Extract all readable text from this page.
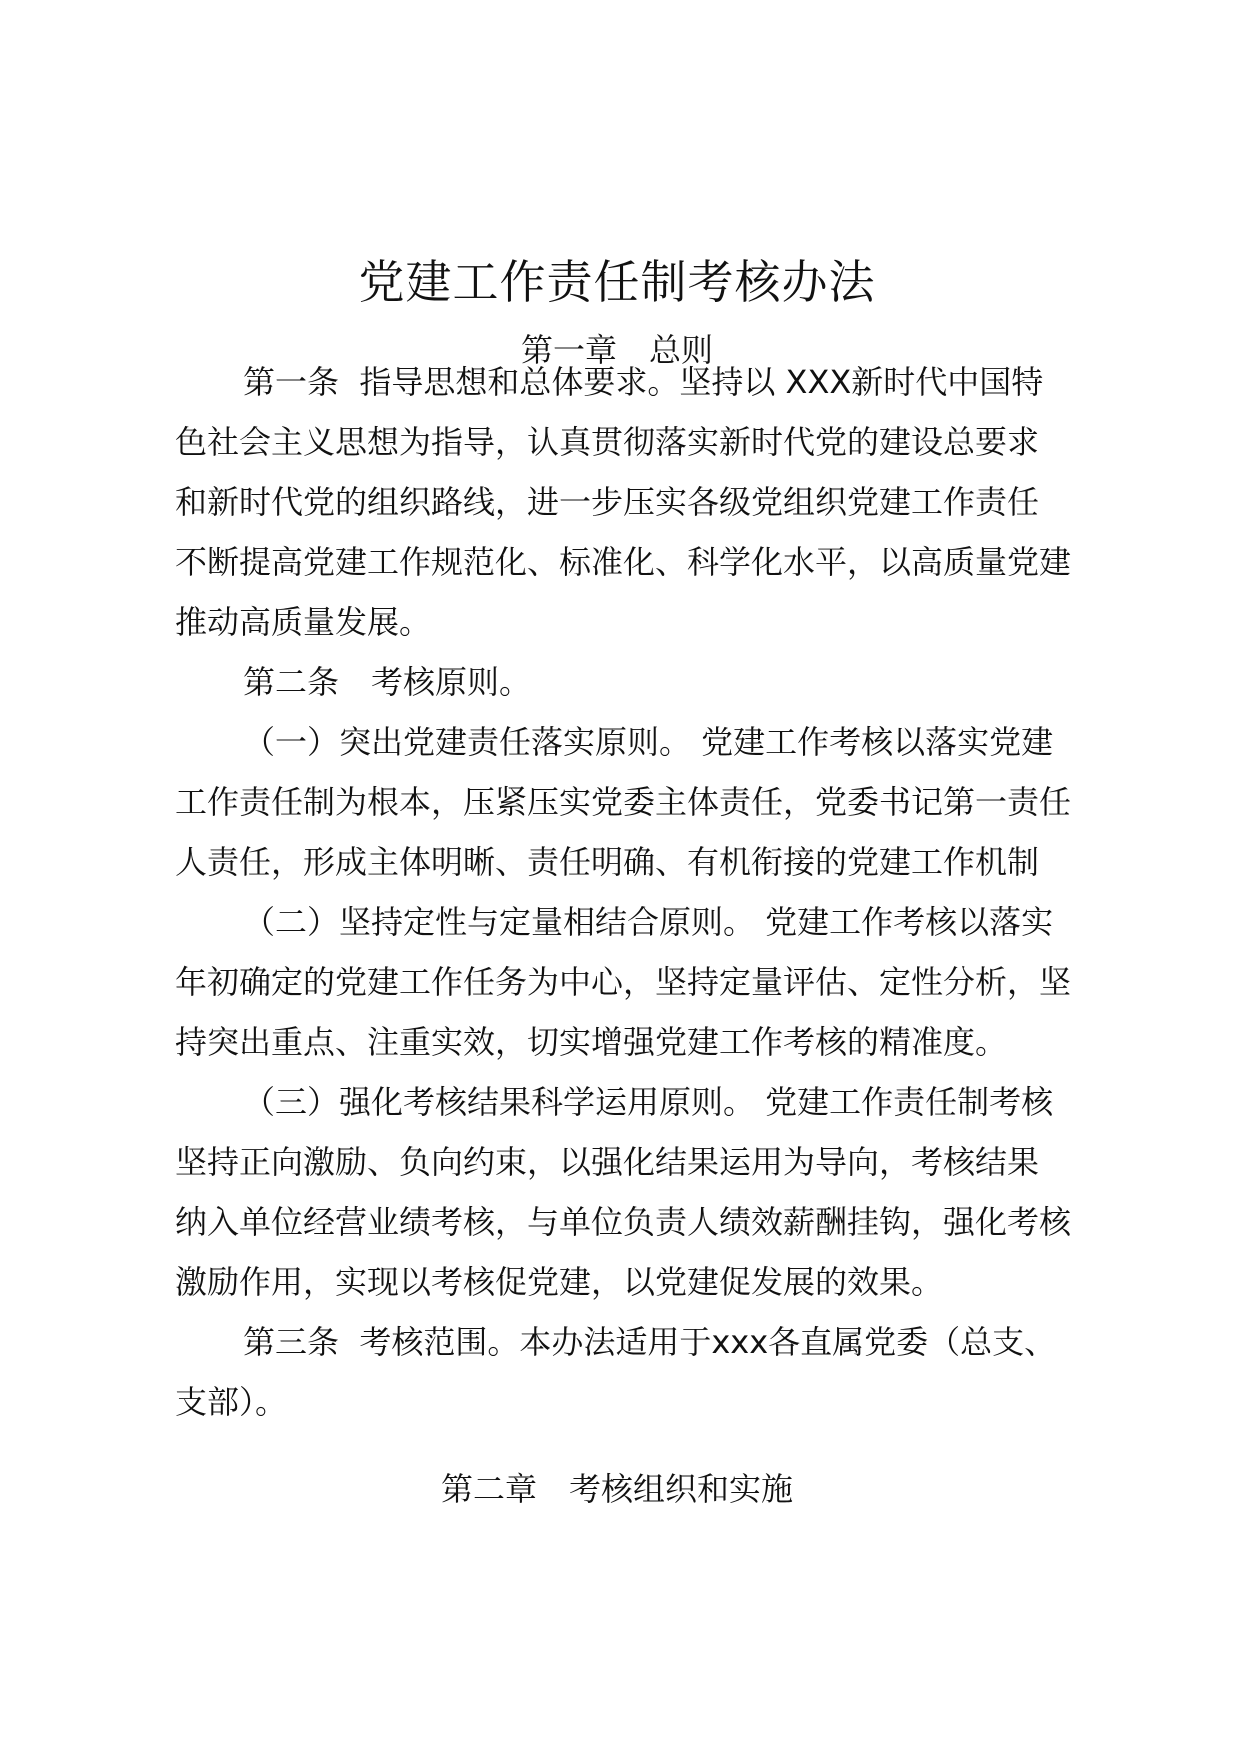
党建工作责任制考核办法
第一章　总则
第一条  指导思想和总体要求。坚持以 XXX新时代中国特
色社会主义思想为指导，认真贯彻落实新时代党的建设总要求
和新时代党的组织路线，进一步压实各级党组织党建工作责任
不断提高党建工作规范化、标准化、科学化水平，以高质量党建
推动高质量发展。
第二条　考核原则。
（一）突出党建责任落实原则。 党建工作考核以落实党建
工作责任制为根本，压紧压实党委主体责任，党委书记第一责任
人责任，形成主体明晰、责任明确、有机衔接的党建工作机制
（二）坚持定性与定量相结合原则。 党建工作考核以落实
年初确定的党建工作任务为中心，坚持定量评估、定性分析，坚
持突出重点、注重实效，切实增强党建工作考核的精准度。
（三）强化考核结果科学运用原则。 党建工作责任制考核
坚持正向激励、负向约束，以强化结果运用为导向，考核结果
纳入单位经营业绩考核，与单位负责人绩效薪酬挂钩，强化考核
激励作用，实现以考核促党建，以党建促发展的效果。
第三条  考核范围。本办法适用于xxx各直属党委（总支、
支部）。
第二章　考核组织和实施
